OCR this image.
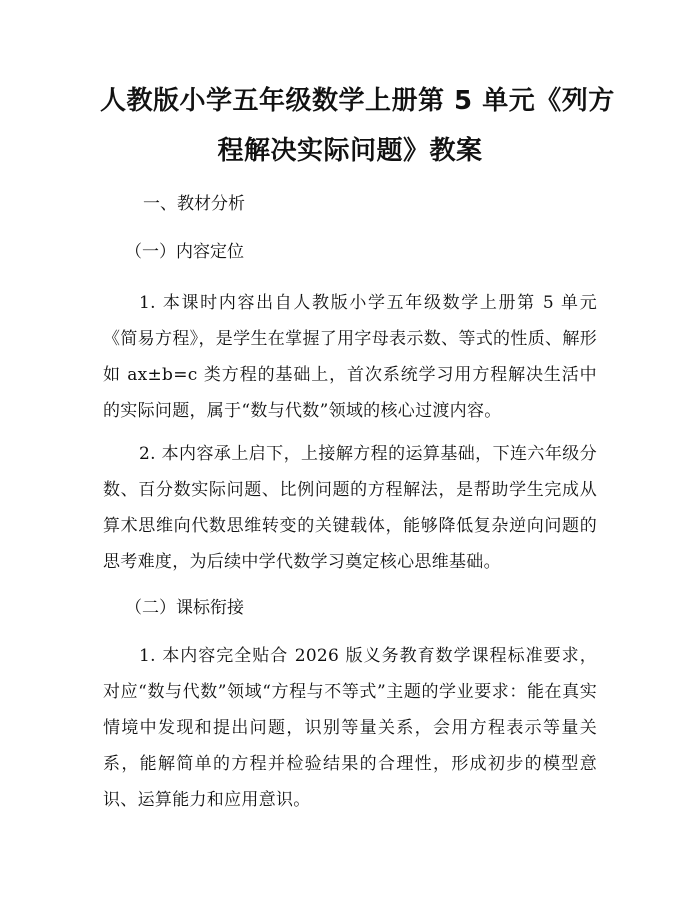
人教版小学五年级数学上册第 5 单元《列方
程解决实际问题》教案
一、教材分析
（一）内容定位

1. 本课时内容出自人教版小学五年级数学上册第 5 单元《简易方程》，是学生在掌握了用字母表示数、等式的性质、解形如 ax±b=c 类方程的基础上，首次系统学习用方程解决生活中的实际问题，属于“数与代数”领域的核心过渡内容。

2. 本内容承上启下，上接解方程的运算基础，下连六年级分数、百分数实际问题、比例问题的方程解法，是帮助学生完成从算术思维向代数思维转变的关键载体，能够降低复杂逆向问题的思考难度，为后续中学代数学习奠定核心思维基础。

（二）课标衔接

1. 本内容完全贴合 2026 版义务教育数学课程标准要求，对应“数与代数”领域“方程与不等式”主题的学业要求：能在真实情境中发现和提出问题，识别等量关系，会用方程表示等量关系，能解简单的方程并检验结果的合理性，形成初步的模型意识、运算能力和应用意识。
